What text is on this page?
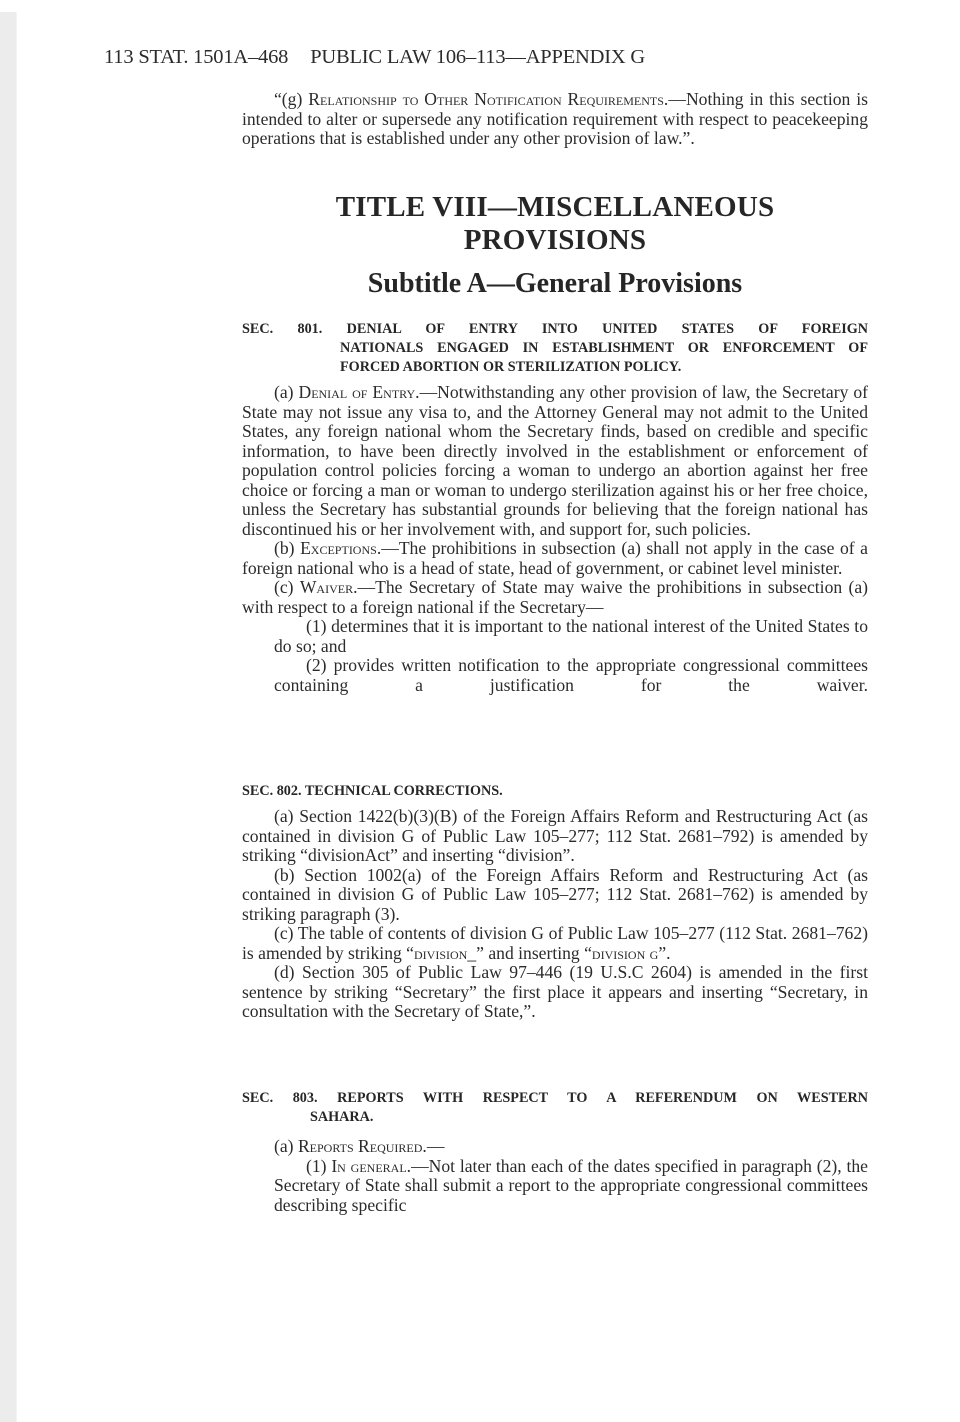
113 STAT. 1501A–468 PUBLIC LAW 106–113—APPENDIX G

“(g) Relationship to Other Notification Requirements.—Nothing in this section is intended to alter or supersede any notification requirement with respect to peacekeeping operations that is established under any other provision of law.”.

TITLE VIII—MISCELLANEOUS
PROVISIONS
Subtitle A—General Provisions

SEC. 801. DENIAL OF ENTRY INTO UNITED STATES OF FOREIGN
NATIONALS ENGAGED IN ESTABLISHMENT OR ENFORCEMENT OF FORCED ABORTION OR STERILIZATION POLICY.

(a) Denial of Entry.—Notwithstanding any other provision of law, the Secretary of State may not issue any visa to, and the Attorney General may not admit to the United States, any foreign national whom the Secretary finds, based on credible and specific information, to have been directly involved in the establishment or enforcement of population control policies forcing a woman to undergo an abortion against her free choice or forcing a man or woman to undergo sterilization against his or her free choice, unless the Secretary has substantial grounds for believing that the foreign national has discontinued his or her involvement with, and support for, such policies.

(b) Exceptions.—The prohibitions in subsection (a) shall not apply in the case of a foreign national who is a head of state, head of government, or cabinet level minister.

(c) Waiver.—The Secretary of State may waive the prohibitions in subsection (a) with respect to a foreign national if the Secretary—

(1) determines that it is important to the national interest of the United States to do so; and

(2) provides written notification to the appropriate congressional committees containing a justification for the waiver.

SEC. 802. TECHNICAL CORRECTIONS.

(a) Section 1422(b)(3)(B) of the Foreign Affairs Reform and Restructuring Act (as contained in division G of Public Law 105–277; 112 Stat. 2681–792) is amended by striking “divisionAct” and inserting “division”.

(b) Section 1002(a) of the Foreign Affairs Reform and Restructuring Act (as contained in division G of Public Law 105–277; 112 Stat. 2681–762) is amended by striking paragraph (3).

(c) The table of contents of division G of Public Law 105–277 (112 Stat. 2681–762) is amended by striking “division_” and inserting “division g”.

(d) Section 305 of Public Law 97–446 (19 U.S.C 2604) is amended in the first sentence by striking “Secretary” the first place it appears and inserting “Secretary, in consultation with the Secretary of State,”.

SEC. 803. REPORTS WITH RESPECT TO A REFERENDUM ON WESTERN
SAHARA.

(a) Reports Required.—

(1) In general.—Not later than each of the dates specified in paragraph (2), the Secretary of State shall submit a report to the appropriate congressional committees describing specific
